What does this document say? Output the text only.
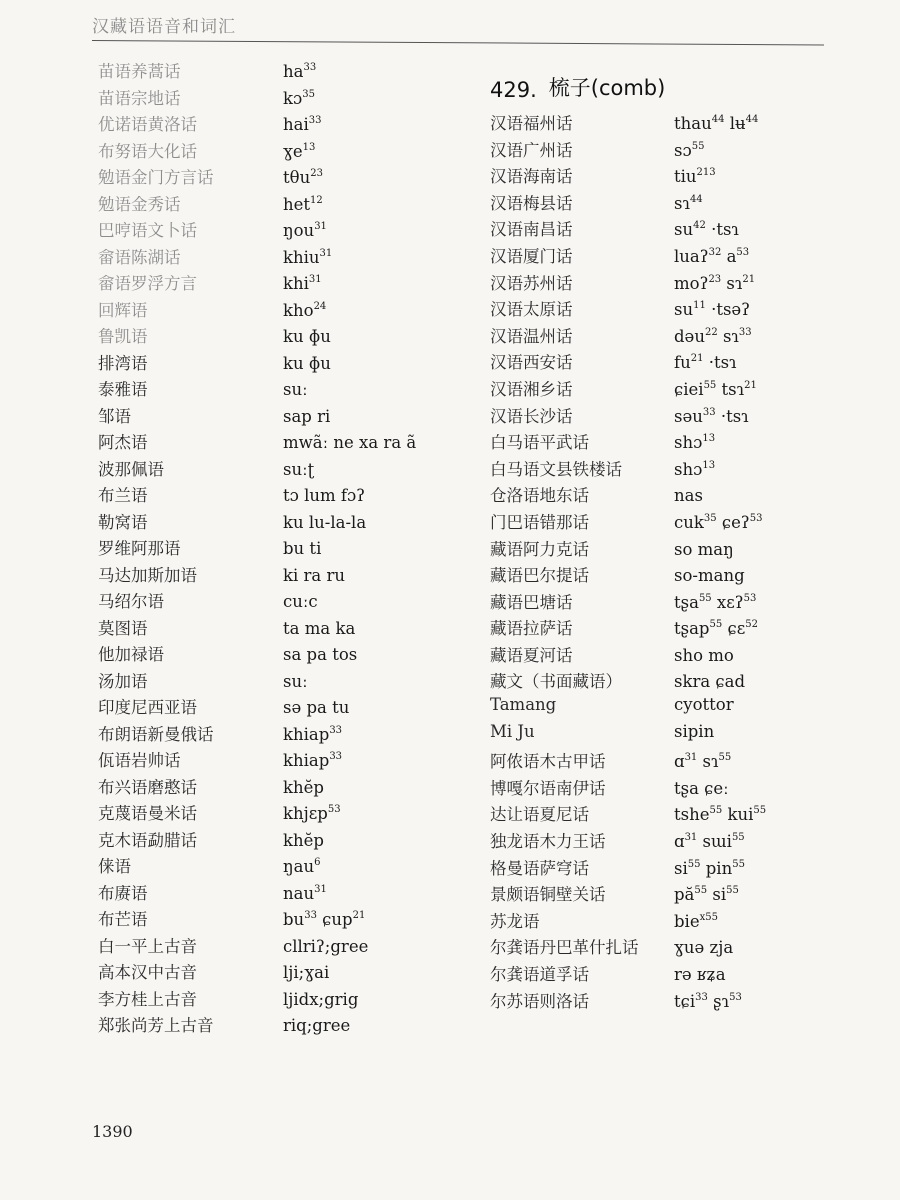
汉藏语语音和词汇
苗语养蒿话	$ha^{33}$
苗语宗地话	kɔ$^{35}$
优诺语黄洛话	hai$^{33}$
布努语大化话	ɣe$^{13}$
勉语金门方言话	tθu$^{23}$
勉语金秀话	het$^{12}$
巴哼语文卜话	ŋou$^{31}$
畲语陈湖话	khiu$^{31}$
畲语罗浮方言	khi$^{31}$
回辉语	kho$^{24}$
鲁凯语	ku ɸu
排湾语	ku ɸu
泰雅语	suː
邹语	sap ri
阿杰语	mwãː ne xa ra ã
波那佩语	suːʈ
布兰语	tɔ lum fɔʔ
勒窝语	ku lu-la-la
罗维阿那语	bu ti
马达加斯加语	ki ra ru
马绍尔语	cuːc
莫图语	ta ma ka
他加禄语	sa pa tos
汤加语	suː
印度尼西亚语	sə pa tu
布朗语新曼俄话	khiap$^{33}$
佤语岩帅话	khiap$^{33}$
布兴语磨憨话	khĕp
克蔑语曼米话	khjɛp$^{53}$
克木语勐腊话	khĕp
俫语	ŋau$^6$
布赓语	nau$^{31}$
布芒语	$bu^{33}$ ɕup$^{21}$
白一平上古音	cllriʔ;gree
高本汉中古音	lji;ɣai
李方桂上古音	ljidx;grig
郑张尚芳上古音	riq;gree
429. 梳子(comb)
汉语福州话	thau$^{44}$ lʉ$^{44}$
汉语广州话	sɔ$^{55}$
汉语海南话	tiu$^{213}$
汉语梅县话	sɿ$^{44}$
汉语南昌话	$su^{42}$ ·tsɿ
汉语厦门话	luaʔ$^{32}$ $a^{53}$
汉语苏州话	moʔ$^{23}$ sɿ$^{21}$
汉语太原话	$su^{11}$ ·tsəʔ
汉语温州话	dəu$^{22}$ sɿ$^{33}$
汉语西安话	$fu^{21}$ ·tsɿ
汉语湘乡话	ɕiei$^{55}$ tsɿ$^{21}$
汉语长沙话	səu$^{33}$ ·tsɿ
白马语平武话	shɔ$^{13}$
白马语文县铁楼话	shɔ$^{13}$
仓洛语地东话	nas
门巴语错那话	cuk$^{35}$ ɕeʔ$^{53}$
藏语阿力克话	so maŋ
藏语巴尔提话	so-mang
藏语巴塘话	tʂa$^{55}$ xɛʔ$^{53}$
藏语拉萨话	tʂap$^{55}$ ɕɛ$^{52}$
藏语夏河话	sho mo
藏文（书面藏语）	skra ɕad
Tamang	cyottor
Mi Ju	sipin
阿侬语木古甲话	ɑ$^{31}$ sɿ$^{55}$
博嘎尔语南伊话	tʂa ɕeː
达让语夏尼话	tshe$^{55}$ kui$^{55}$
独龙语木力王话	ɑ$^{31}$ sɯi$^{55}$
格曼语萨穹话	$si^{55}$ pin$^{55}$
景颇语铜壁关话	$pă^{55}$ $si^{55}$
苏龙语	bie$^{x55}$
尔龚语丹巴革什扎话	ɣuə zja
尔龚语道孚话	rə ʁʑa
尔苏语则洛话	tɕi$^{33}$ ʂɿ$^{53}$
1390
